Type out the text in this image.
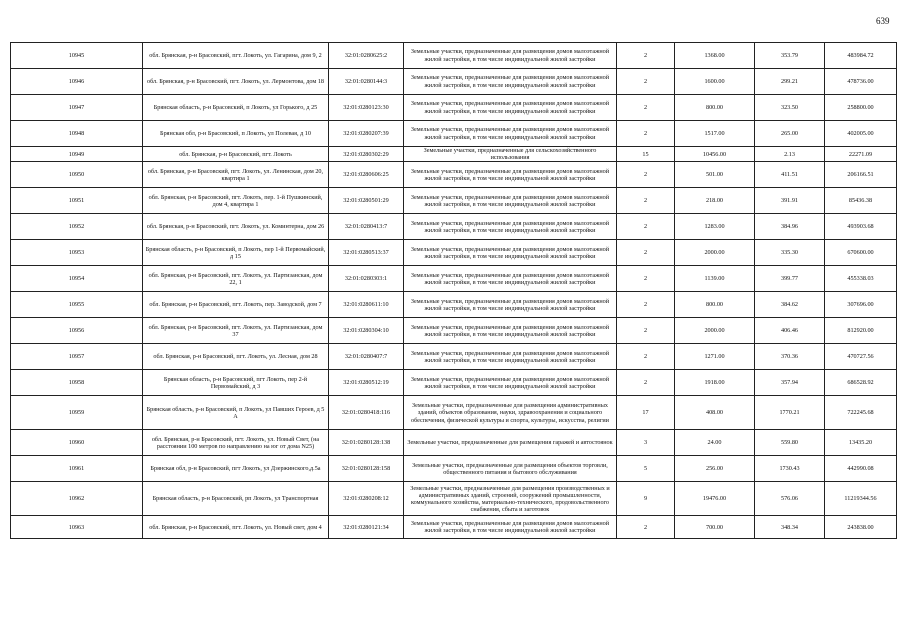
639
10945	обл. Брянская, р-н Брасовский, пгт. Локоть, ул. Гагарина, дом 9, 2	32:01:0280625:2	Земельные участки, предназначенные для размещения домов малоэтажной жилой застройки, в том числе индивидуальной жилой застройки	2	1368.00	353.79	483984.72
10946	обл. Брянская, р-н Брасовский, пгт. Локоть, ул. Лермонтова, дом 18	32:01:0280144:3	Земельные участки, предназначенные для размещения домов малоэтажной жилой застройки, в том числе индивидуальной жилой застройки	2	1600.00	299.21	478736.00
10947	Брянская область, р-н Брасовский, п Локоть, ул Горького, д 25	32:01:0280123:30	Земельные участки, предназначенные для размещения домов малоэтажной жилой застройки, в том числе индивидуальной жилой застройки	2	800.00	323.50	258800.00
10948	Брянская обл, р-н Брасовский, п Локоть, ул Полевая, д 10	32:01:0280207:39	Земельные участки, предназначенные для размещения домов малоэтажной жилой застройки, в том числе индивидуальной жилой застройки	2	1517.00	265.00	402005.00
10949	обл. Брянская, р-н Брасовский, пгт. Локоть	32:01:0280302:29	Земельные участки, предназначенные для сельскохозяйственного использования	15	10456.00	2.13	22271.09
10950	обл. Брянская, р-н Брасовский, пгт. Локоть, ул. Ленинская, дом 20, квартира 1	32:01:0280606:25	Земельные участки, предназначенные для размещения домов малоэтажной жилой застройки, в том числе индивидуальной жилой застройки	2	501.00	411.51	206166.51
10951	обл. Брянская, р-н Брасовский, пгт. Локоть, пер. 1-й Пушкинский, дом 4, квартира 1	32:01:0280501:29	Земельные участки, предназначенные для размещения домов малоэтажной жилой застройки, в том числе индивидуальной жилой застройки	2	218.00	391.91	85436.38
10952	обл. Брянская, р-н Брасовский, пгт. Локоть, ул. Коминтерна, дом 26	32:01:0280413:7	Земельные участки, предназначенные для размещения домов малоэтажной жилой застройки, в том числе индивидуальной жилой застройки	2	1283.00	384.96	493903.68
10953	Брянская область, р-н Брасовский, п Локоть, пер 1-й Первомайский, д 15	32:01:0280513:37	Земельные участки, предназначенные для размещения домов малоэтажной жилой застройки, в том числе индивидуальной жилой застройки	2	2000.00	335.30	670600.00
10954	обл. Брянская, р-н Брасовский, пгт. Локоть, ул. Партизанская, дом 22, 1	32:01:0280303:1	Земельные участки, предназначенные для размещения домов малоэтажной жилой застройки, в том числе индивидуальной жилой застройки	2	1139.00	399.77	455338.03
10955	обл. Брянская, р-н Брасовский, пгт. Локоть, пер. Заводской, дом 7	32:01:0280611:10	Земельные участки, предназначенные для размещения домов малоэтажной жилой застройки, в том числе индивидуальной жилой застройки	2	800.00	384.62	307696.00
10956	обл. Брянская, р-н Брасовский, пгт. Локоть, ул. Партизанская, дом 37	32:01:0280304:10	Земельные участки, предназначенные для размещения домов малоэтажной жилой застройки, в том числе индивидуальной жилой застройки	2	2000.00	406.46	812920.00
10957	обл. Брянская, р-н Брасовский, пгт. Локоть, ул. Лесная, дом 28	32:01:0280407:7	Земельные участки, предназначенные для размещения домов малоэтажной жилой застройки, в том числе индивидуальной жилой застройки	2	1271.00	370.36	470727.56
10958	Брянская область, р-н Брасовский, пгт Локоть, пер 2-й Первомайский, д 3	32:01:0280512:19	Земельные участки, предназначенные для размещения домов малоэтажной жилой застройки, в том числе индивидуальной жилой застройки	2	1918.00	357.94	686528.92
10959	Брянская область, р-н Брасовский, п Локоть, ул Павших Героев, д 5 А	32:01:0280418:116	Земельные участки, предназначенные для размещения административных зданий, объектов образования, науки, здравоохранения и социального обеспечения, физической культуры и спорта, культуры, искусства, религии	17	408.00	1770.21	722245.68
10960	обл. Брянская, р-н Брасовский, пгт. Локоть, ул. Новый Свет, (на расстоянии 100 метров по направлению на юг от дома N25)	32:01:0280128:138	Земельные участки, предназначенные для размещения гаражей и автостоянок	3	24.00	559.80	13435.20
10961	Брянская обл, р-н Брасовский, пгт Локоть, ул Дзержинского,д.5а	32:01:0280128:158	Земельные участки, предназначенные для размещения объектов торговли, общественного питания и бытового обслуживания	5	256.00	1730.43	442990.08
10962	Брянская область, р-н Брасовский, рп Локоть, ул Транспортная	32:01:0280208:12	Земельные участки, предназначенные для размещения производственных и административных зданий, строений, сооружений промышленности, коммунального хозяйства, материально-технического, продовольственного снабжения, сбыта и заготовок	9	19476.00	576.06	11219344.56
10963	обл. Брянская, р-н Брасовский, пгт. Локоть, ул. Новый свет, дом 4	32:01:0280121:34	Земельные участки, предназначенные для размещения домов малоэтажной жилой застройки, в том числе индивидуальной жилой застройки	2	700.00	348.34	243838.00
